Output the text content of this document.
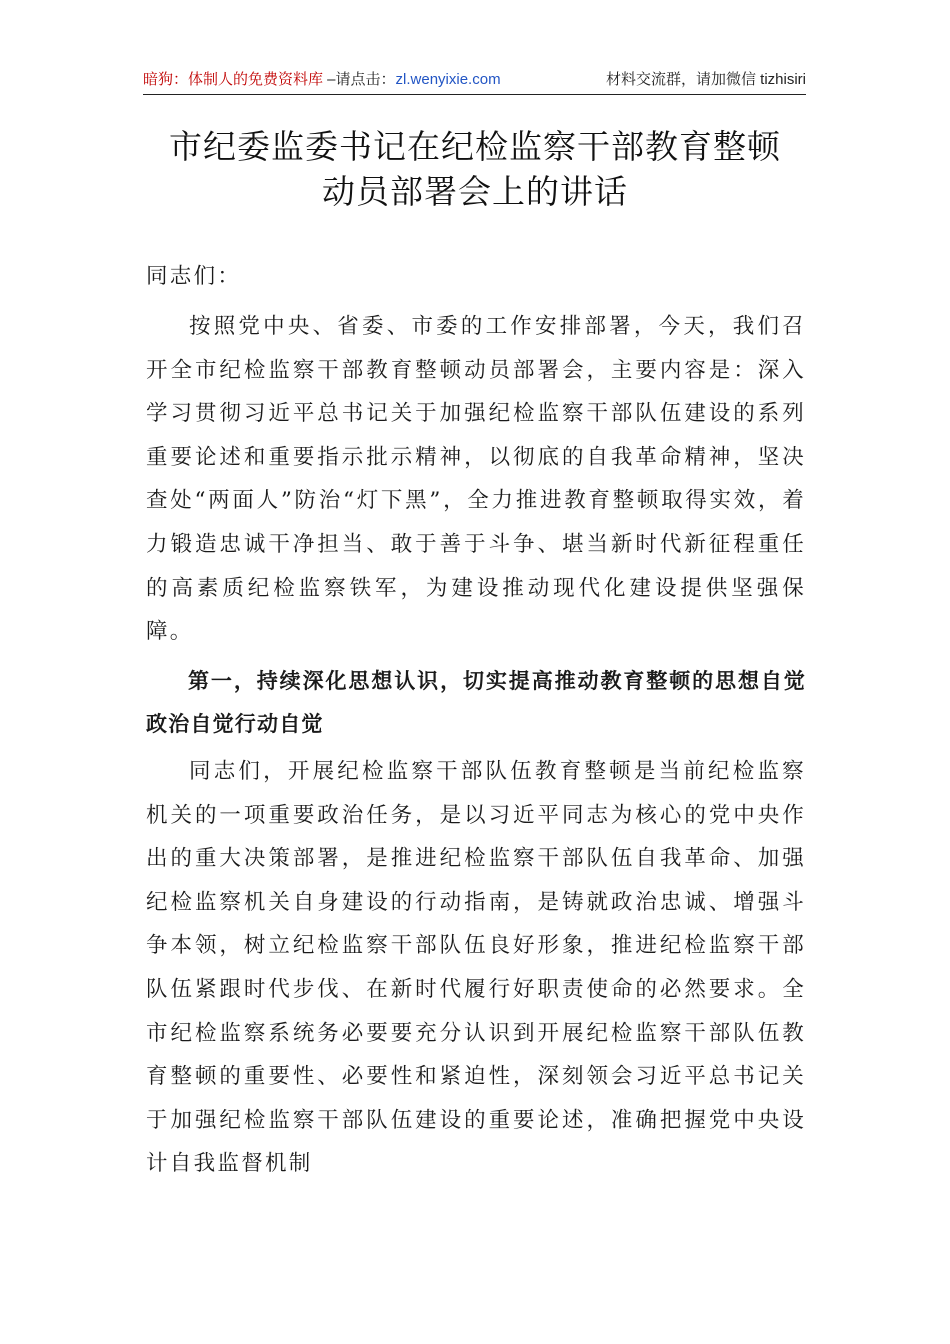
暗狗：体制人的免费资料库 –请点击：zl.wenyixie.com	材料交流群，请加微信 tizhisiri
市纪委监委书记在纪检监察干部教育整顿
动员部署会上的讲话
同志们：
按照党中央、省委、市委的工作安排部署，今天，我们召开全市纪检监察干部教育整顿动员部署会，主要内容是：深入学习贯彻习近平总书记关于加强纪检监察干部队伍建设的系列重要论述和重要指示批示精神，以彻底的自我革命精神，坚决查处“两面人”防治“灯下黑”，全力推进教育整顿取得实效，着力锻造忠诚干净担当、敢于善于斗争、堪当新时代新征程重任的高素质纪检监察铁军，为建设推动现代化建设提供坚强保障。
第一，持续深化思想认识，切实提高推动教育整顿的思想自觉政治自觉行动自觉
同志们，开展纪检监察干部队伍教育整顿是当前纪检监察机关的一项重要政治任务，是以习近平同志为核心的党中央作出的重大决策部署，是推进纪检监察干部队伍自我革命、加强纪检监察机关自身建设的行动指南，是铸就政治忠诚、增强斗争本领，树立纪检监察干部队伍良好形象，推进纪检监察干部队伍紧跟时代步伐、在新时代履行好职责使命的必然要求。全市纪检监察系统务必要要充分认识到开展纪检监察干部队伍教育整顿的重要性、必要性和紧迫性，深刻领会习近平总书记关于加强纪检监察干部队伍建设的重要论述，准确把握党中央设计自我监督机制
